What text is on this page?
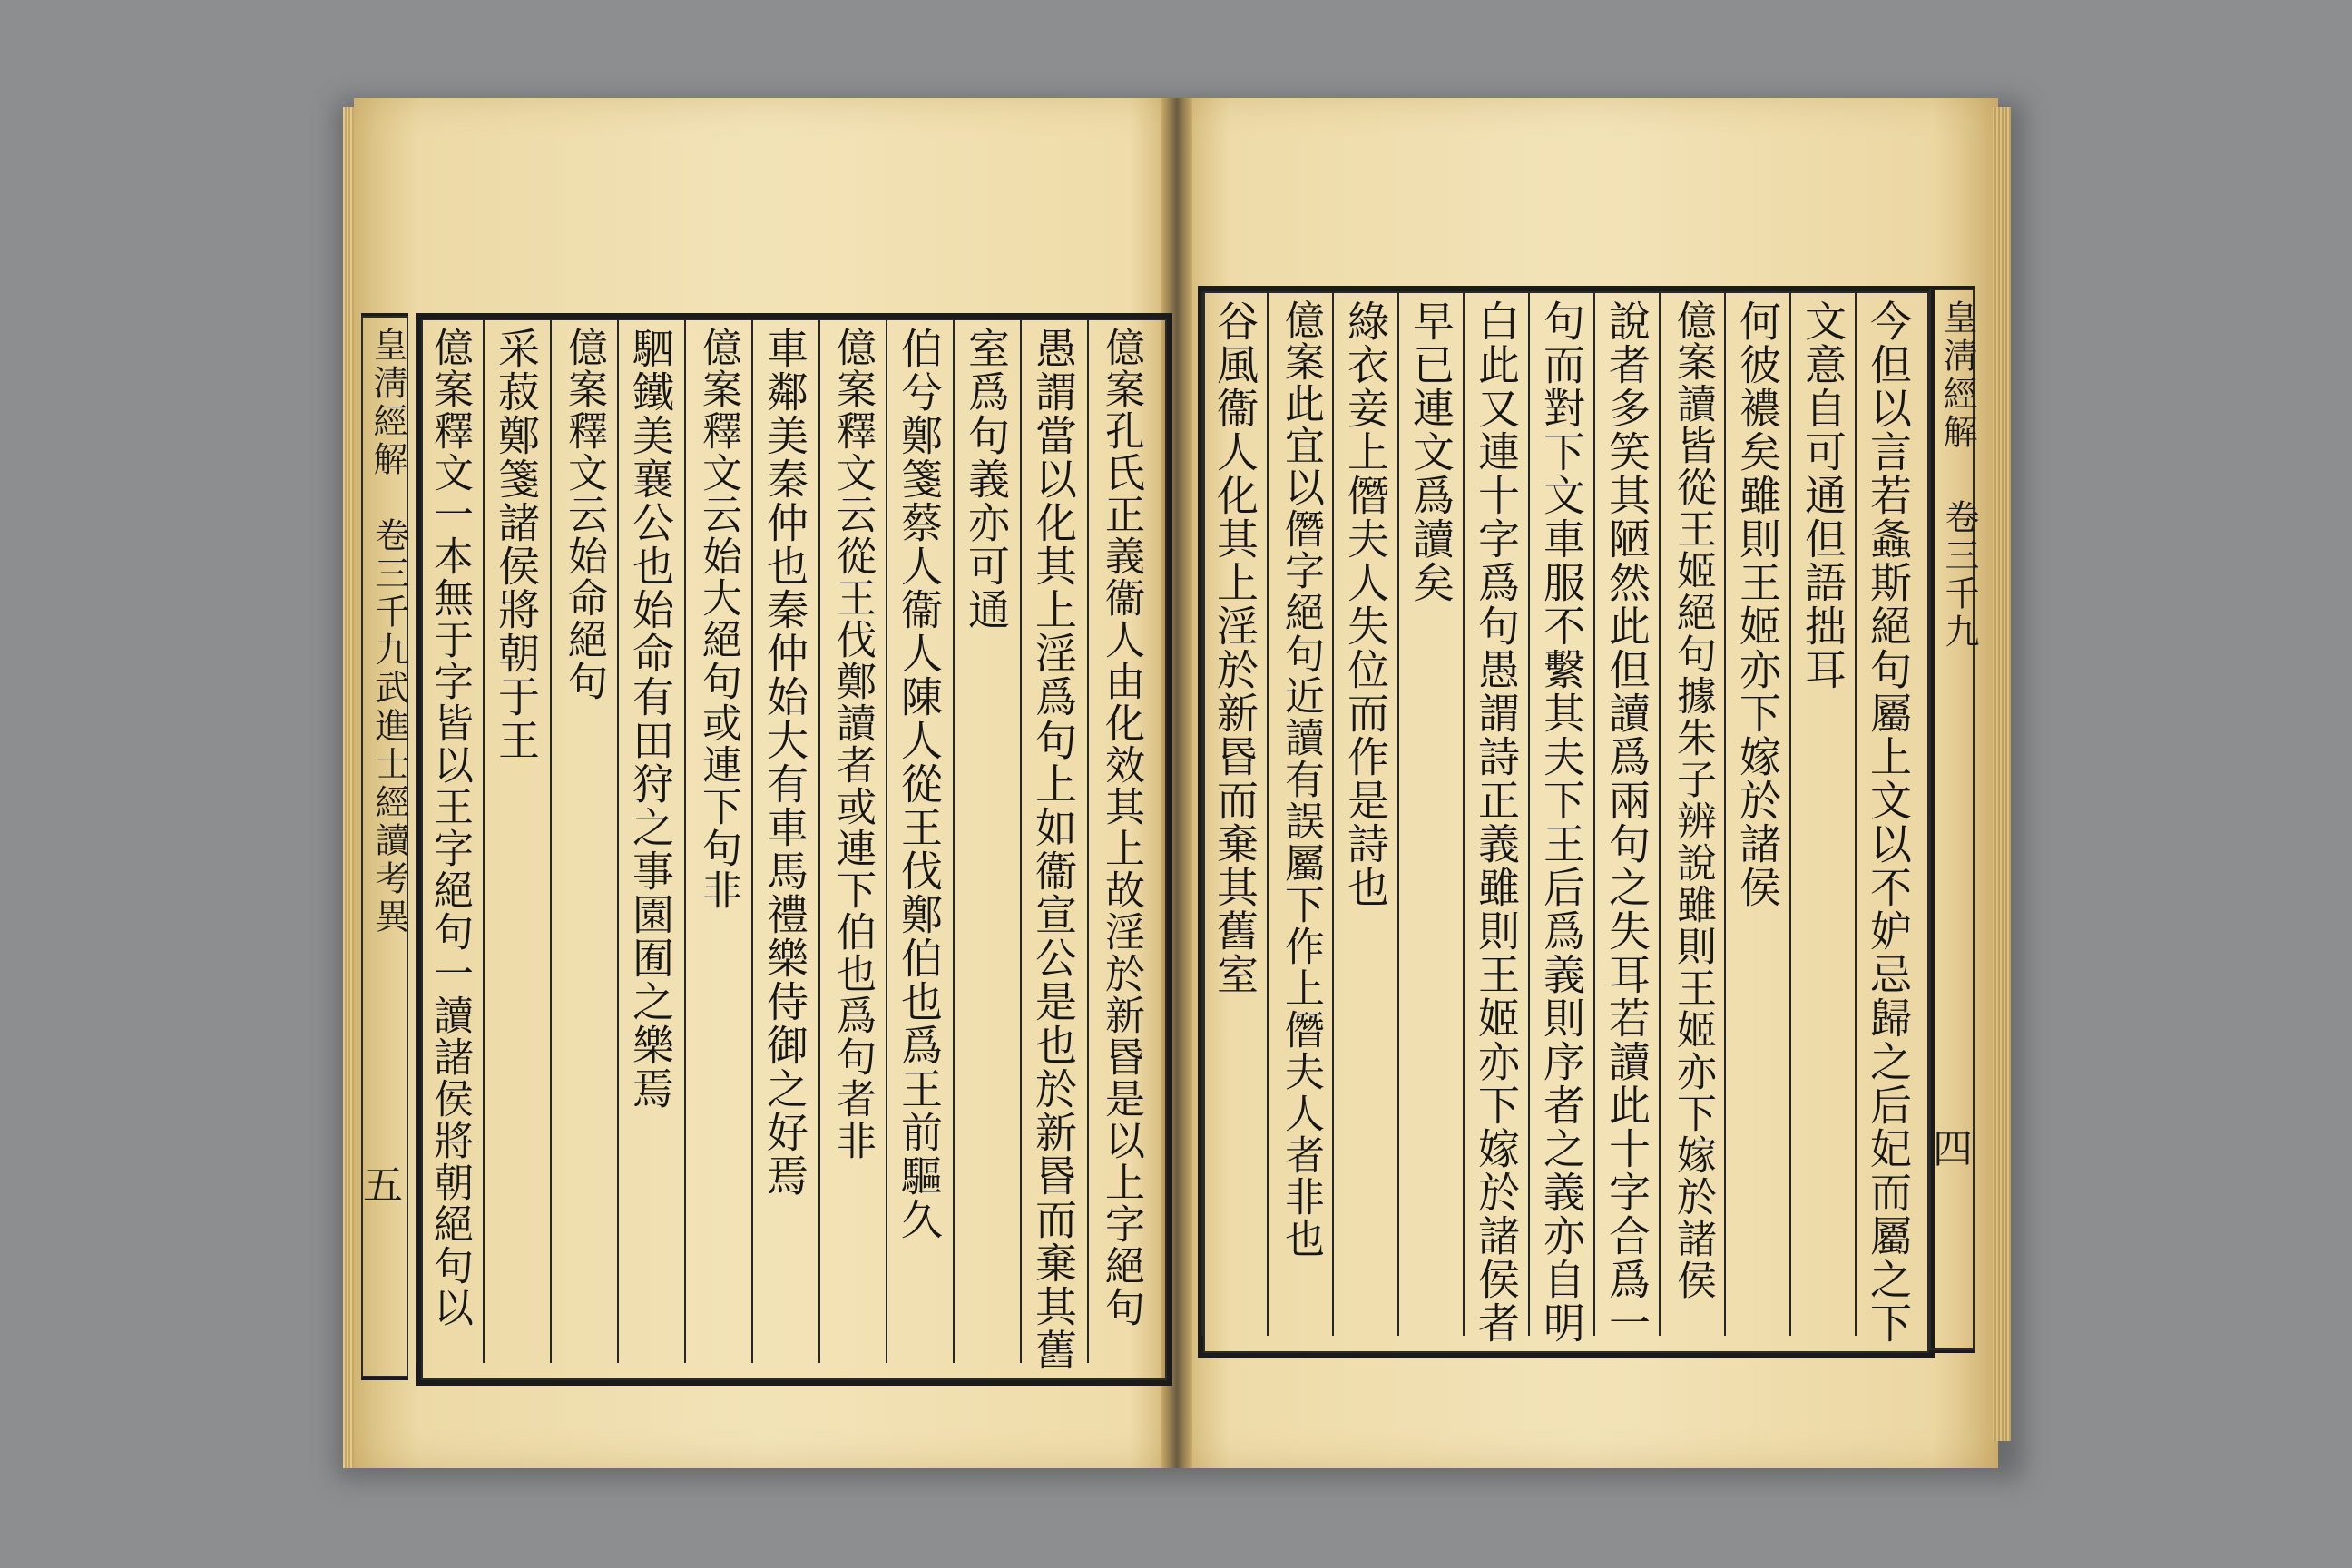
皇淸經解
卷三千九武進士經讀考異
五
皇淸經解
卷三千九
四
億案孔氏正義衞人由化效其上故淫於新昬是以上字絕句
愚謂當以化其上淫爲句上如衞宣公是也於新昬而棄其舊
室爲句義亦可通
伯兮鄭箋蔡人衞人陳人從王伐鄭伯也爲王前驅久
億案釋文云從王伐鄭讀者或連下伯也爲句者非
車鄰美秦仲也秦仲始大有車馬禮樂侍御之好焉
億案釋文云始大絕句或連下句非
駟鐵美襄公也始命有田狩之事園囿之樂焉
億案釋文云始命絕句
采菽鄭箋諸侯將朝于王
億案釋文一本無于字皆以王字絕句一讀諸侯將朝絕句以	今但以言若螽斯絕句屬上文以不妒忌歸之后妃而屬之下
文意自可通但語拙耳
何彼襛矣雖則王姬亦下嫁於諸侯
億案讀皆從王姬絕句據朱子辨說雖則王姬亦下嫁於諸侯
說者多笑其陋然此但讀爲兩句之失耳若讀此十字合爲一
句而對下文車服不繫其夫下王后爲義則序者之義亦自明
白此又連十字爲句愚謂詩正義雖則王姬亦下嫁於諸侯者
早已連文爲讀矣
綠衣妾上僭夫人失位而作是詩也
億案此宜以僭字絕句近讀有誤屬下作上僭夫人者非也
谷風衞人化其上淫於新昬而棄其舊室
